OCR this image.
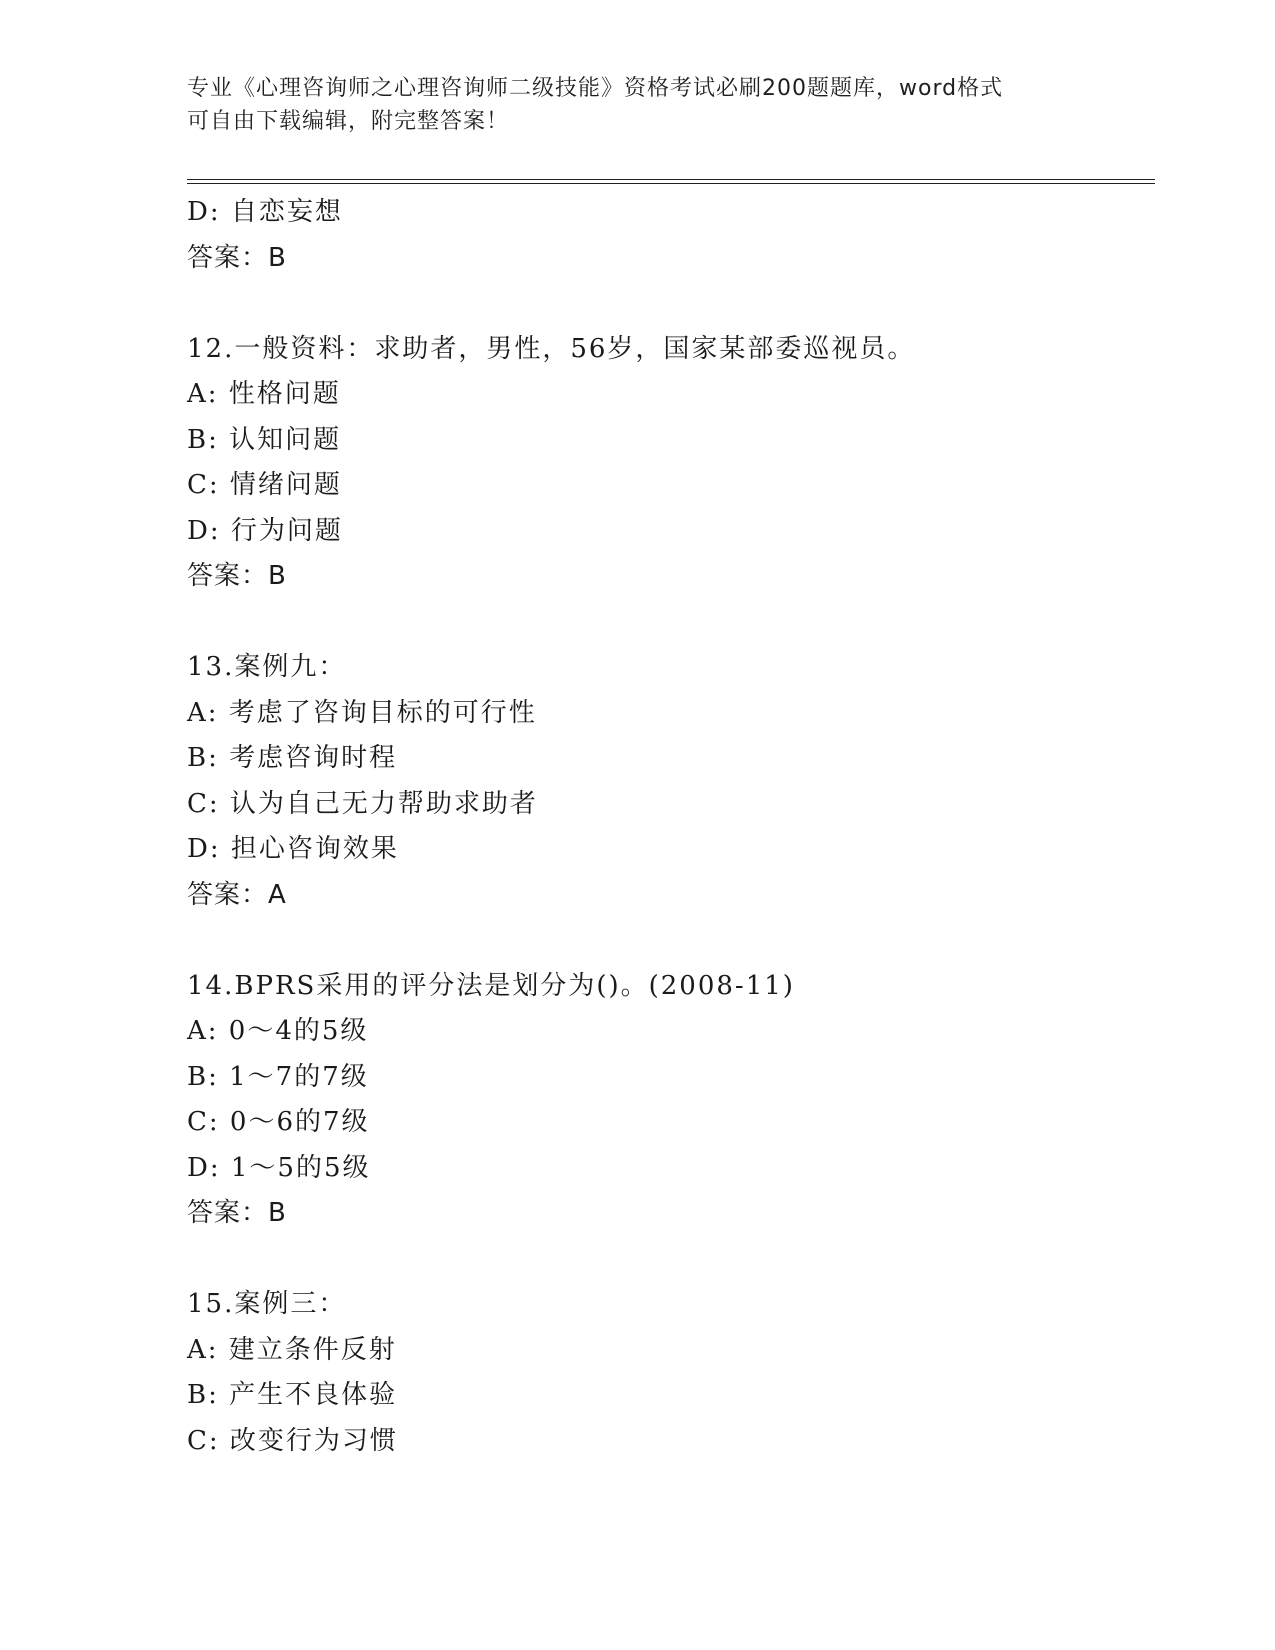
专业《心理咨询师之心理咨询师二级技能》资格考试必刷200题题库，word格式
可自由下载编辑，附完整答案！
D: 自恋妄想
答案：B
12.一般资料：求助者，男性，56岁，国家某部委巡视员。
A: 性格问题
B: 认知问题
C: 情绪问题
D: 行为问题
答案：B
13.案例九：
A: 考虑了咨询目标的可行性
B: 考虑咨询时程
C: 认为自己无力帮助求助者
D: 担心咨询效果
答案：A
14.BPRS采用的评分法是划分为()。(2008-11)
A: 0～4的5级
B: 1～7的7级
C: 0～6的7级
D: 1～5的5级
答案：B
15.案例三：
A: 建立条件反射
B: 产生不良体验
C: 改变行为习惯
